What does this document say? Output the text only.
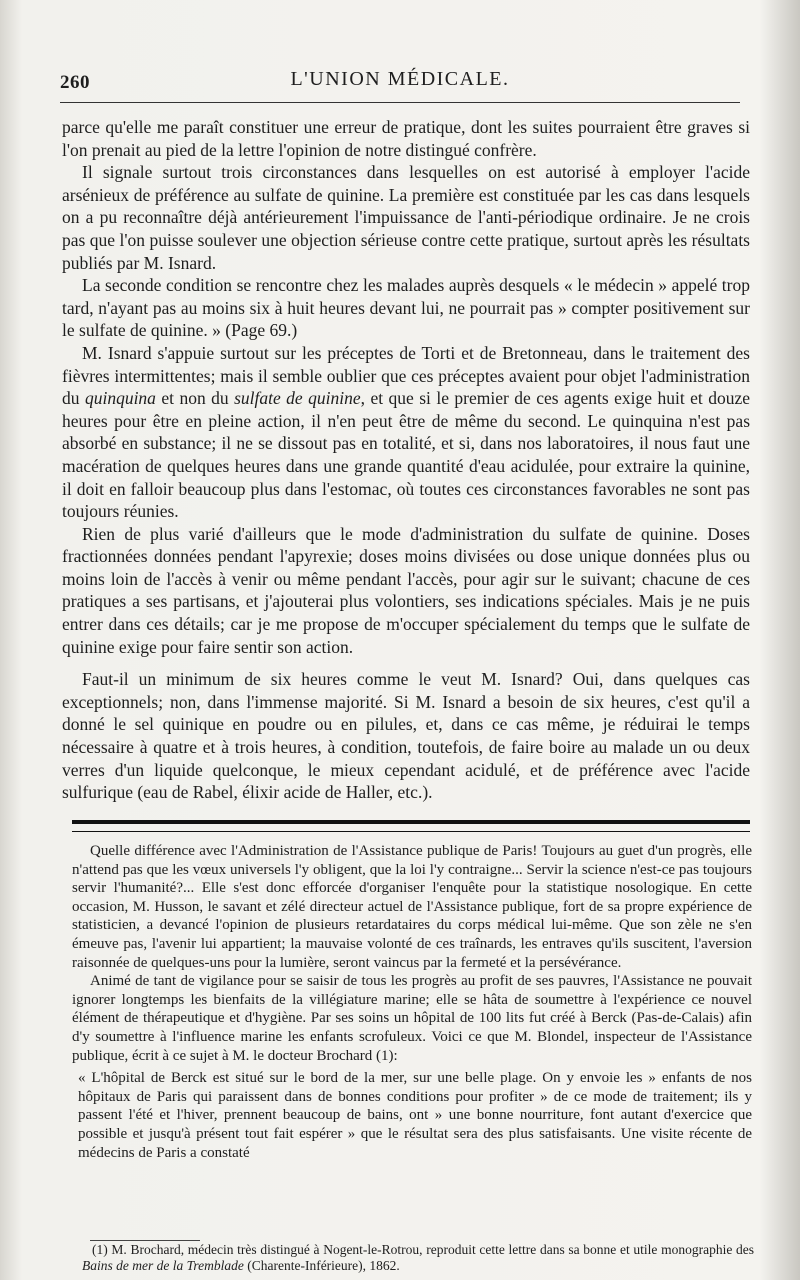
260	L'UNION MÉDICALE.

parce qu'elle me paraît constituer une erreur de pratique, dont les suites pourraient être graves si l'on prenait au pied de la lettre l'opinion de notre distingué confrère.

Il signale surtout trois circonstances dans lesquelles on est autorisé à employer l'acide arsénieux de préférence au sulfate de quinine. La première est constituée par les cas dans lesquels on a pu reconnaître déjà antérieurement l'impuissance de l'anti-périodique ordinaire. Je ne crois pas que l'on puisse soulever une objection sérieuse contre cette pratique, surtout après les résultats publiés par M. Isnard.

La seconde condition se rencontre chez les malades auprès desquels « le médecin » appelé trop tard, n'ayant pas au moins six à huit heures devant lui, ne pourrait pas » compter positivement sur le sulfate de quinine. » (Page 69.)

M. Isnard s'appuie surtout sur les préceptes de Torti et de Bretonneau, dans le traitement des fièvres intermittentes; mais il semble oublier que ces préceptes avaient pour objet l'administration du quinquina et non du sulfate de quinine, et que si le premier de ces agents exige huit et douze heures pour être en pleine action, il n'en peut être de même du second. Le quinquina n'est pas absorbé en substance; il ne se dissout pas en totalité, et si, dans nos laboratoires, il nous faut une macération de quelques heures dans une grande quantité d'eau acidulée, pour extraire la quinine, il doit en falloir beaucoup plus dans l'estomac, où toutes ces circonstances favorables ne sont pas toujours réunies.

Rien de plus varié d'ailleurs que le mode d'administration du sulfate de quinine. Doses fractionnées données pendant l'apyrexie; doses moins divisées ou dose unique données plus ou moins loin de l'accès à venir ou même pendant l'accès, pour agir sur le suivant; chacune de ces pratiques a ses partisans, et j'ajouterai plus volontiers, ses indications spéciales. Mais je ne puis entrer dans ces détails; car je me propose de m'occuper spécialement du temps que le sulfate de quinine exige pour faire sentir son action.

Faut-il un minimum de six heures comme le veut M. Isnard? Oui, dans quelques cas exceptionnels; non, dans l'immense majorité. Si M. Isnard a besoin de six heures, c'est qu'il a donné le sel quinique en poudre ou en pilules, et, dans ce cas même, je réduirai le temps nécessaire à quatre et à trois heures, à condition, toutefois, de faire boire au malade un ou deux verres d'un liquide quelconque, le mieux cependant acidulé, et de préférence avec l'acide sulfurique (eau de Rabel, élixir acide de Haller, etc.).

Quelle différence avec l'Administration de l'Assistance publique de Paris! Toujours au guet d'un progrès, elle n'attend pas que les vœux universels l'y obligent, que la loi l'y contraigne... Servir la science n'est-ce pas toujours servir l'humanité?... Elle s'est donc efforcée d'organiser l'enquête pour la statistique nosologique. En cette occasion, M. Husson, le savant et zélé directeur actuel de l'Assistance publique, fort de sa propre expérience de statisticien, a devancé l'opinion de plusieurs retardataires du corps médical lui-même. Que son zèle ne s'en émeuve pas, l'avenir lui appartient; la mauvaise volonté de ces traînards, les entraves qu'ils suscitent, l'aversion raisonnée de quelques-uns pour la lumière, seront vaincus par la fermeté et la persévérance.

Animé de tant de vigilance pour se saisir de tous les progrès au profit de ses pauvres, l'Assistance ne pouvait ignorer longtemps les bienfaits de la villégiature marine; elle se hâta de soumettre à l'expérience ce nouvel élément de thérapeutique et d'hygiène. Par ses soins un hôpital de 100 lits fut créé à Berck (Pas-de-Calais) afin d'y soumettre à l'influence marine les enfants scrofuleux. Voici ce que M. Blondel, inspecteur de l'Assistance publique, écrit à ce sujet à M. le docteur Brochard (1):

« L'hôpital de Berck est situé sur le bord de la mer, sur une belle plage. On y envoie les » enfants de nos hôpitaux de Paris qui paraissent dans de bonnes conditions pour profiter » de ce mode de traitement; ils y passent l'été et l'hiver, prennent beaucoup de bains, ont » une bonne nourriture, font autant d'exercice que possible et jusqu'à présent tout fait espérer » que le résultat sera des plus satisfaisants. Une visite récente de médecins de Paris a constaté

(1) M. Brochard, médecin très distingué à Nogent-le-Rotrou, reproduit cette lettre dans sa bonne et utile monographie des Bains de mer de la Tremblade (Charente-Inférieure), 1862.
